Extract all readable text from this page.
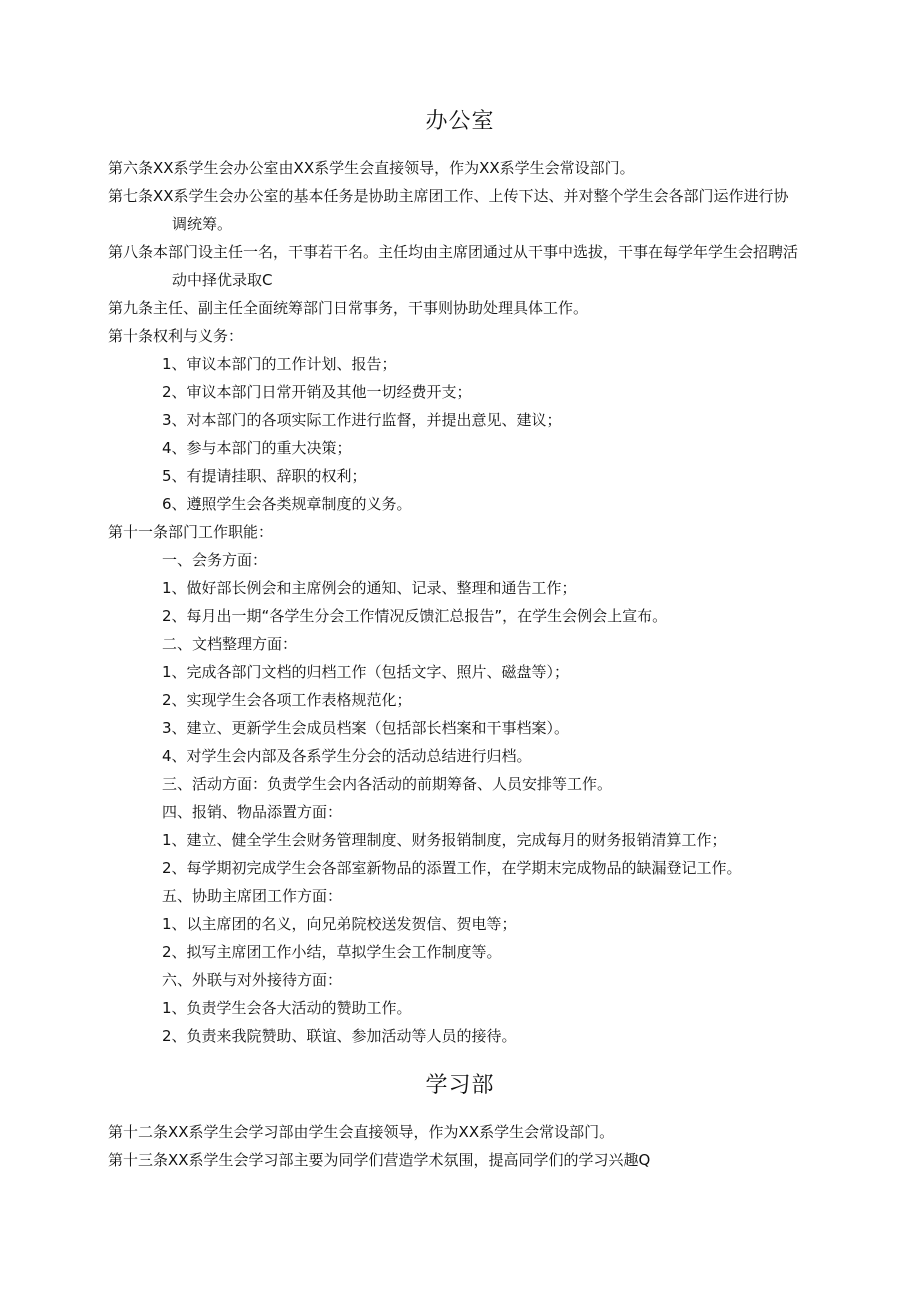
办公室

第六条XX系学生会办公室由XX系学生会直接领导，作为XX系学生会常设部门。

第七条XX系学生会办公室的基本任务是协助主席团工作、上传下达、并对整个学生会各部门运作进行协

调统筹。

第八条本部门设主任一名，干事若干名。主任均由主席团通过从干事中选拔，干事在每学年学生会招聘活

动中择优录取C

第九条主任、副主任全面统筹部门日常事务，干事则协助处理具体工作。

第十条权利与义务：

1、审议本部门的工作计划、报告；

2、审议本部门日常开销及其他一切经费开支；

3、对本部门的各项实际工作进行监督，并提出意见、建议；

4、参与本部门的重大决策；

5、有提请挂职、辞职的权利；

6、遵照学生会各类规章制度的义务。

第十一条部门工作职能：

一、会务方面：

1、做好部长例会和主席例会的通知、记录、整理和通告工作；

2、每月出一期“各学生分会工作情况反馈汇总报告”，在学生会例会上宣布。

二、文档整理方面：

1、完成各部门文档的归档工作（包括文字、照片、磁盘等）；

2、实现学生会各项工作表格规范化；

3、建立、更新学生会成员档案（包括部长档案和干事档案）。

4、对学生会内部及各系学生分会的活动总结进行归档。

三、活动方面：负责学生会内各活动的前期筹备、人员安排等工作。

四、报销、物品添置方面：

1、建立、健全学生会财务管理制度、财务报销制度，完成每月的财务报销清算工作；

2、每学期初完成学生会各部室新物品的添置工作，在学期末完成物品的缺漏登记工作。

五、协助主席团工作方面：

1、以主席团的名义，向兄弟院校送发贺信、贺电等；

2、拟写主席团工作小结，草拟学生会工作制度等。

六、外联与对外接待方面：

1、负责学生会各大活动的赞助工作。

2、负责来我院赞助、联谊、参加活动等人员的接待。

学习部

第十二条XX系学生会学习部由学生会直接领导，作为XX系学生会常设部门。

第十三条XX系学生会学习部主要为同学们营造学术氛围，提高同学们的学习兴趣Q
